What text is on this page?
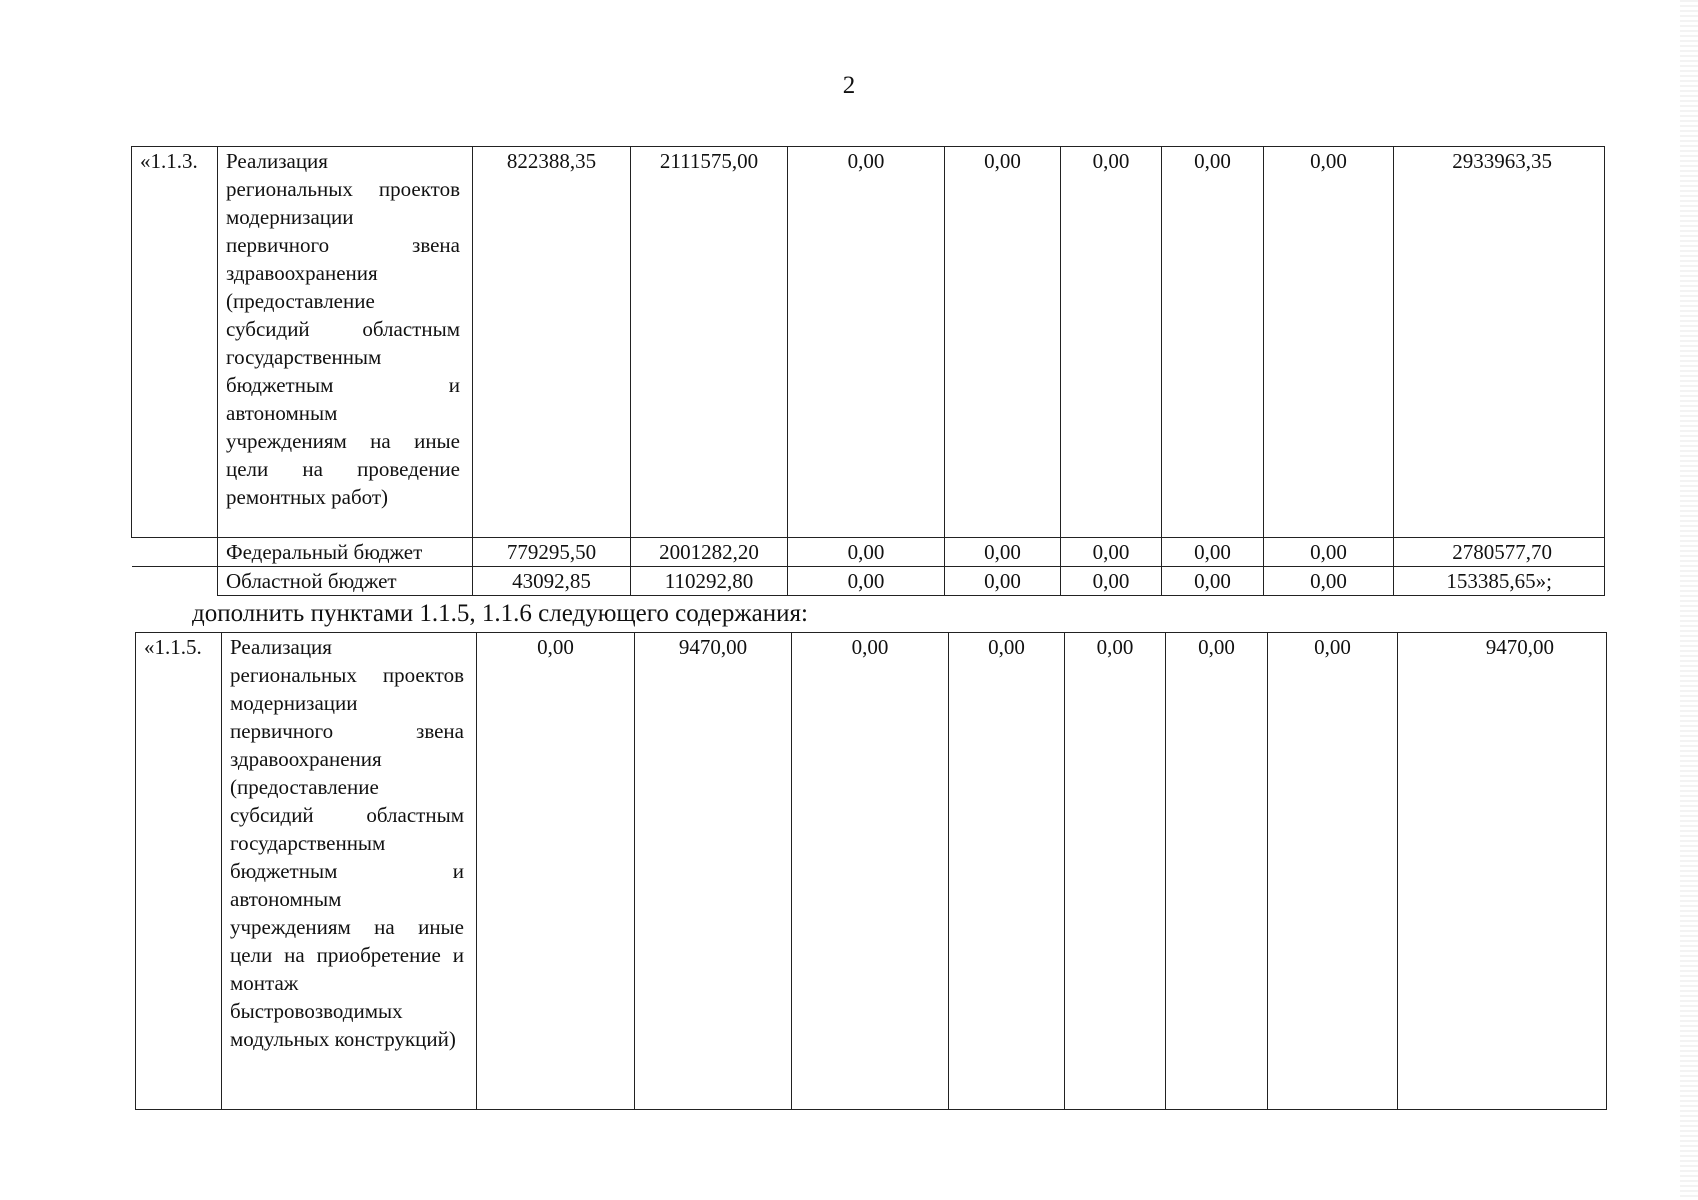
2
«1.1.3.	Реализация региональных проектов модернизации первичного звена здравоохранения (предоставление субсидий областным государственным бюджетным и автономным учреждениям на иные цели на проведение ремонтных работ)	822388,35	2111575,00	0,00	0,00	0,00	0,00	0,00	2933963,35
	Федеральный бюджет	779295,50	2001282,20	0,00	0,00	0,00	0,00	0,00	2780577,70
	Областной бюджет	43092,85	110292,80	0,00	0,00	0,00	0,00	0,00	153385,65»;
дополнить пунктами 1.1.5, 1.1.6 следующего содержания:
«1.1.5.	Реализация региональных проектов модернизации первичного звена здравоохранения (предоставление субсидий областным государственным бюджетным и автономным учреждениям на иные цели на приобретение и монтаж быстровозводимых модульных конструкций)	0,00	9470,00	0,00	0,00	0,00	0,00	0,00	9470,00
